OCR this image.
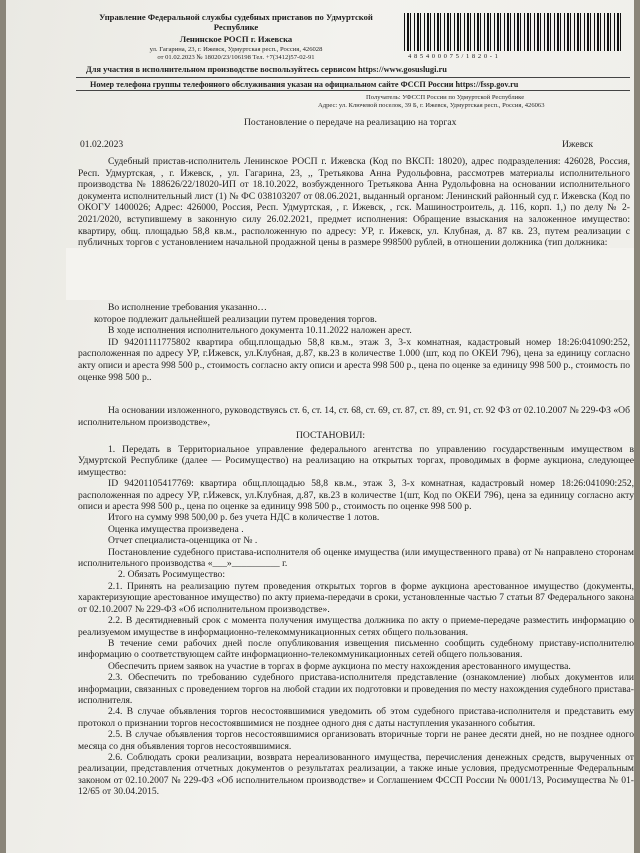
Управление Федеральной службы судебных приставов по Удмуртской
Республике
Ленинское РОСП г. Ижевска
ул. Гагарина, 23, г. Ижевск, Удмуртская респ., Россия, 426028
от 01.02.2023 № 18020/23/106198 Тел. +7(3412)57-02-91	4 8 5 4 0 0 0 7 5 / 1 8 2 0 - 1
Для участия в исполнительном производстве воспользуйтесь сервисом https://www.gosuslugi.ru
Номер телефона группы телефонного обслуживания указан на официальном сайте ФССП России https://fssp.gov.ru
Получатель: УФССП России по Удмуртской Республике
Адрес: ул. Ключевой поселок, 39 Б, г. Ижевск, Удмуртская респ., Россия, 426063
Постановление о передаче на реализацию на торгах
01.02.2023	Ижевск

Судебный пристав-исполнитель Ленинское РОСП г. Ижевска (Код по ВКСП: 18020), адрес подразделения: 426028, Россия, Респ. Удмуртская, , г. Ижевск, , ул. Гагарина, 23, ,, Третьякова Анна Рудольфовна, рассмотрев материалы исполнительного производства № 188626/22/18020-ИП от 18.10.2022, возбужденного Третьякова Анна Рудольфовна на основании исполнительного документа исполнительный лист (1) № ФС 038103207 от 08.06.2021, выданный органом: Ленинский районный суд г. Ижевска (Код по ОКОГУ 1400026; Адрес: 426000, Россия, Респ. Удмуртская, , г. Ижевск, , гск. Машиностроитель, д. 116, корп. 1,) по делу № 2-2021/2020, вступившему в законную силу 26.02.2021, предмет исполнения: Обращение взыскания на заложенное имущество: квартиру, общ. площадью 58,8 кв.м., расположенную по адресу: УР, г. Ижевск, ул. Клубная, д. 87 кв. 23, путем реализации с публичных торгов с установлением начальной продажной цены в размере 998500 рублей, в отношении должника (тип должника:

Во исполнение требования указанно…

которое подлежит дальнейшей реализации путем проведения торгов.

В ходе исполнения исполнительного документа 10.11.2022 наложен арест.

ID 94201111775802 квартира общ.площадью 58,8 кв.м., этаж 3, 3-х комнатная, кадастровый номер 18:26:041090:252, расположенная по адресу УР, г.Ижевск, ул.Клубная, д.87, кв.23 в количестве 1.000 (шт, код по ОКЕИ 796), цена за единицу согласно акту описи и ареста 998 500 р., стоимость согласно акту описи и ареста 998 500 р., цена по оценке за единицу 998 500 р., стоимость по оценке 998 500 р..

На основании изложенного, руководствуясь ст. 6, ст. 14, ст. 68, ст. 69, ст. 87, ст. 89, ст. 91, ст. 92 ФЗ от 02.10.2007 № 229-ФЗ «Об исполнительном производстве»,

ПОСТАНОВИЛ:

1. Передать в Территориальное управление федерального агентства по управлению государственным имуществом в Удмуртской Республике (далее — Росимущество) на реализацию на открытых торгах, проводимых в форме аукциона, следующее имущество:

ID 94201105417769: квартира общ.площадью 58,8 кв.м., этаж 3, 3-х комнатная, кадастровый номер 18:26:041090:252, расположенная по адресу УР, г.Ижевск, ул.Клубная, д.87, кв.23 в количестве 1(шт, Код по ОКЕИ 796), цена за единицу согласно акту описи и ареста 998 500 р., цена по оценке за единицу 998 500 р., стоимость по оценке 998 500 р.

Итого на сумму 998 500,00 р. без учета НДС в количестве 1 лотов.

Оценка имущества произведена .

Отчет специалиста-оценщика от № .

Постановление судебного пристава-исполнителя об оценке имущества (или имущественного права) от № направлено сторонам исполнительного производства «___»__________ г.

2. Обязать Росимущество:

2.1. Принять на реализацию путем проведения открытых торгов в форме аукциона арестованное имущество (документы, характеризующие арестованное имущество) по акту приема-передачи в сроки, установленные частью 7 статьи 87 Федерального закона от 02.10.2007 № 229-ФЗ «Об исполнительном производстве».

2.2. В десятидневный срок с момента получения имущества должника по акту о приеме-передаче разместить информацию о реализуемом имуществе в информационно-телекоммуникационных сетях общего пользования.

В течение семи рабочих дней после опубликования извещения письменно сообщить судебному приставу-исполнителю информацию о соответствующем сайте информационно-телекоммуникационных сетей общего пользования.

Обеспечить прием заявок на участие в торгах в форме аукциона по месту нахождения арестованного имущества.

2.3. Обеспечить по требованию судебного пристава-исполнителя представление (ознакомление) любых документов или информации, связанных с проведением торгов на любой стадии их подготовки и проведения по месту нахождения судебного пристава-исполнителя.

2.4. В случае объявления торгов несостоявшимися уведомить об этом судебного пристава-исполнителя и представить ему протокол о признании торгов несостоявшимися не позднее одного дня с даты наступления указанного события.

2.5. В случае объявления торгов несостоявшимися организовать вторичные торги не ранее десяти дней, но не позднее одного месяца со дня объявления торгов несостоявшимися.

2.6. Соблюдать сроки реализации, возврата нереализованного имущества, перечисления денежных средств, вырученных от реализации, представления отчетных документов о результатах реализации, а также иные условия, предусмотренные Федеральным законом от 02.10.2007 № 229-ФЗ «Об исполнительном производстве» и Соглашением ФССП России № 0001/13, Росимущества № 01-12/65 от 30.04.2015.
